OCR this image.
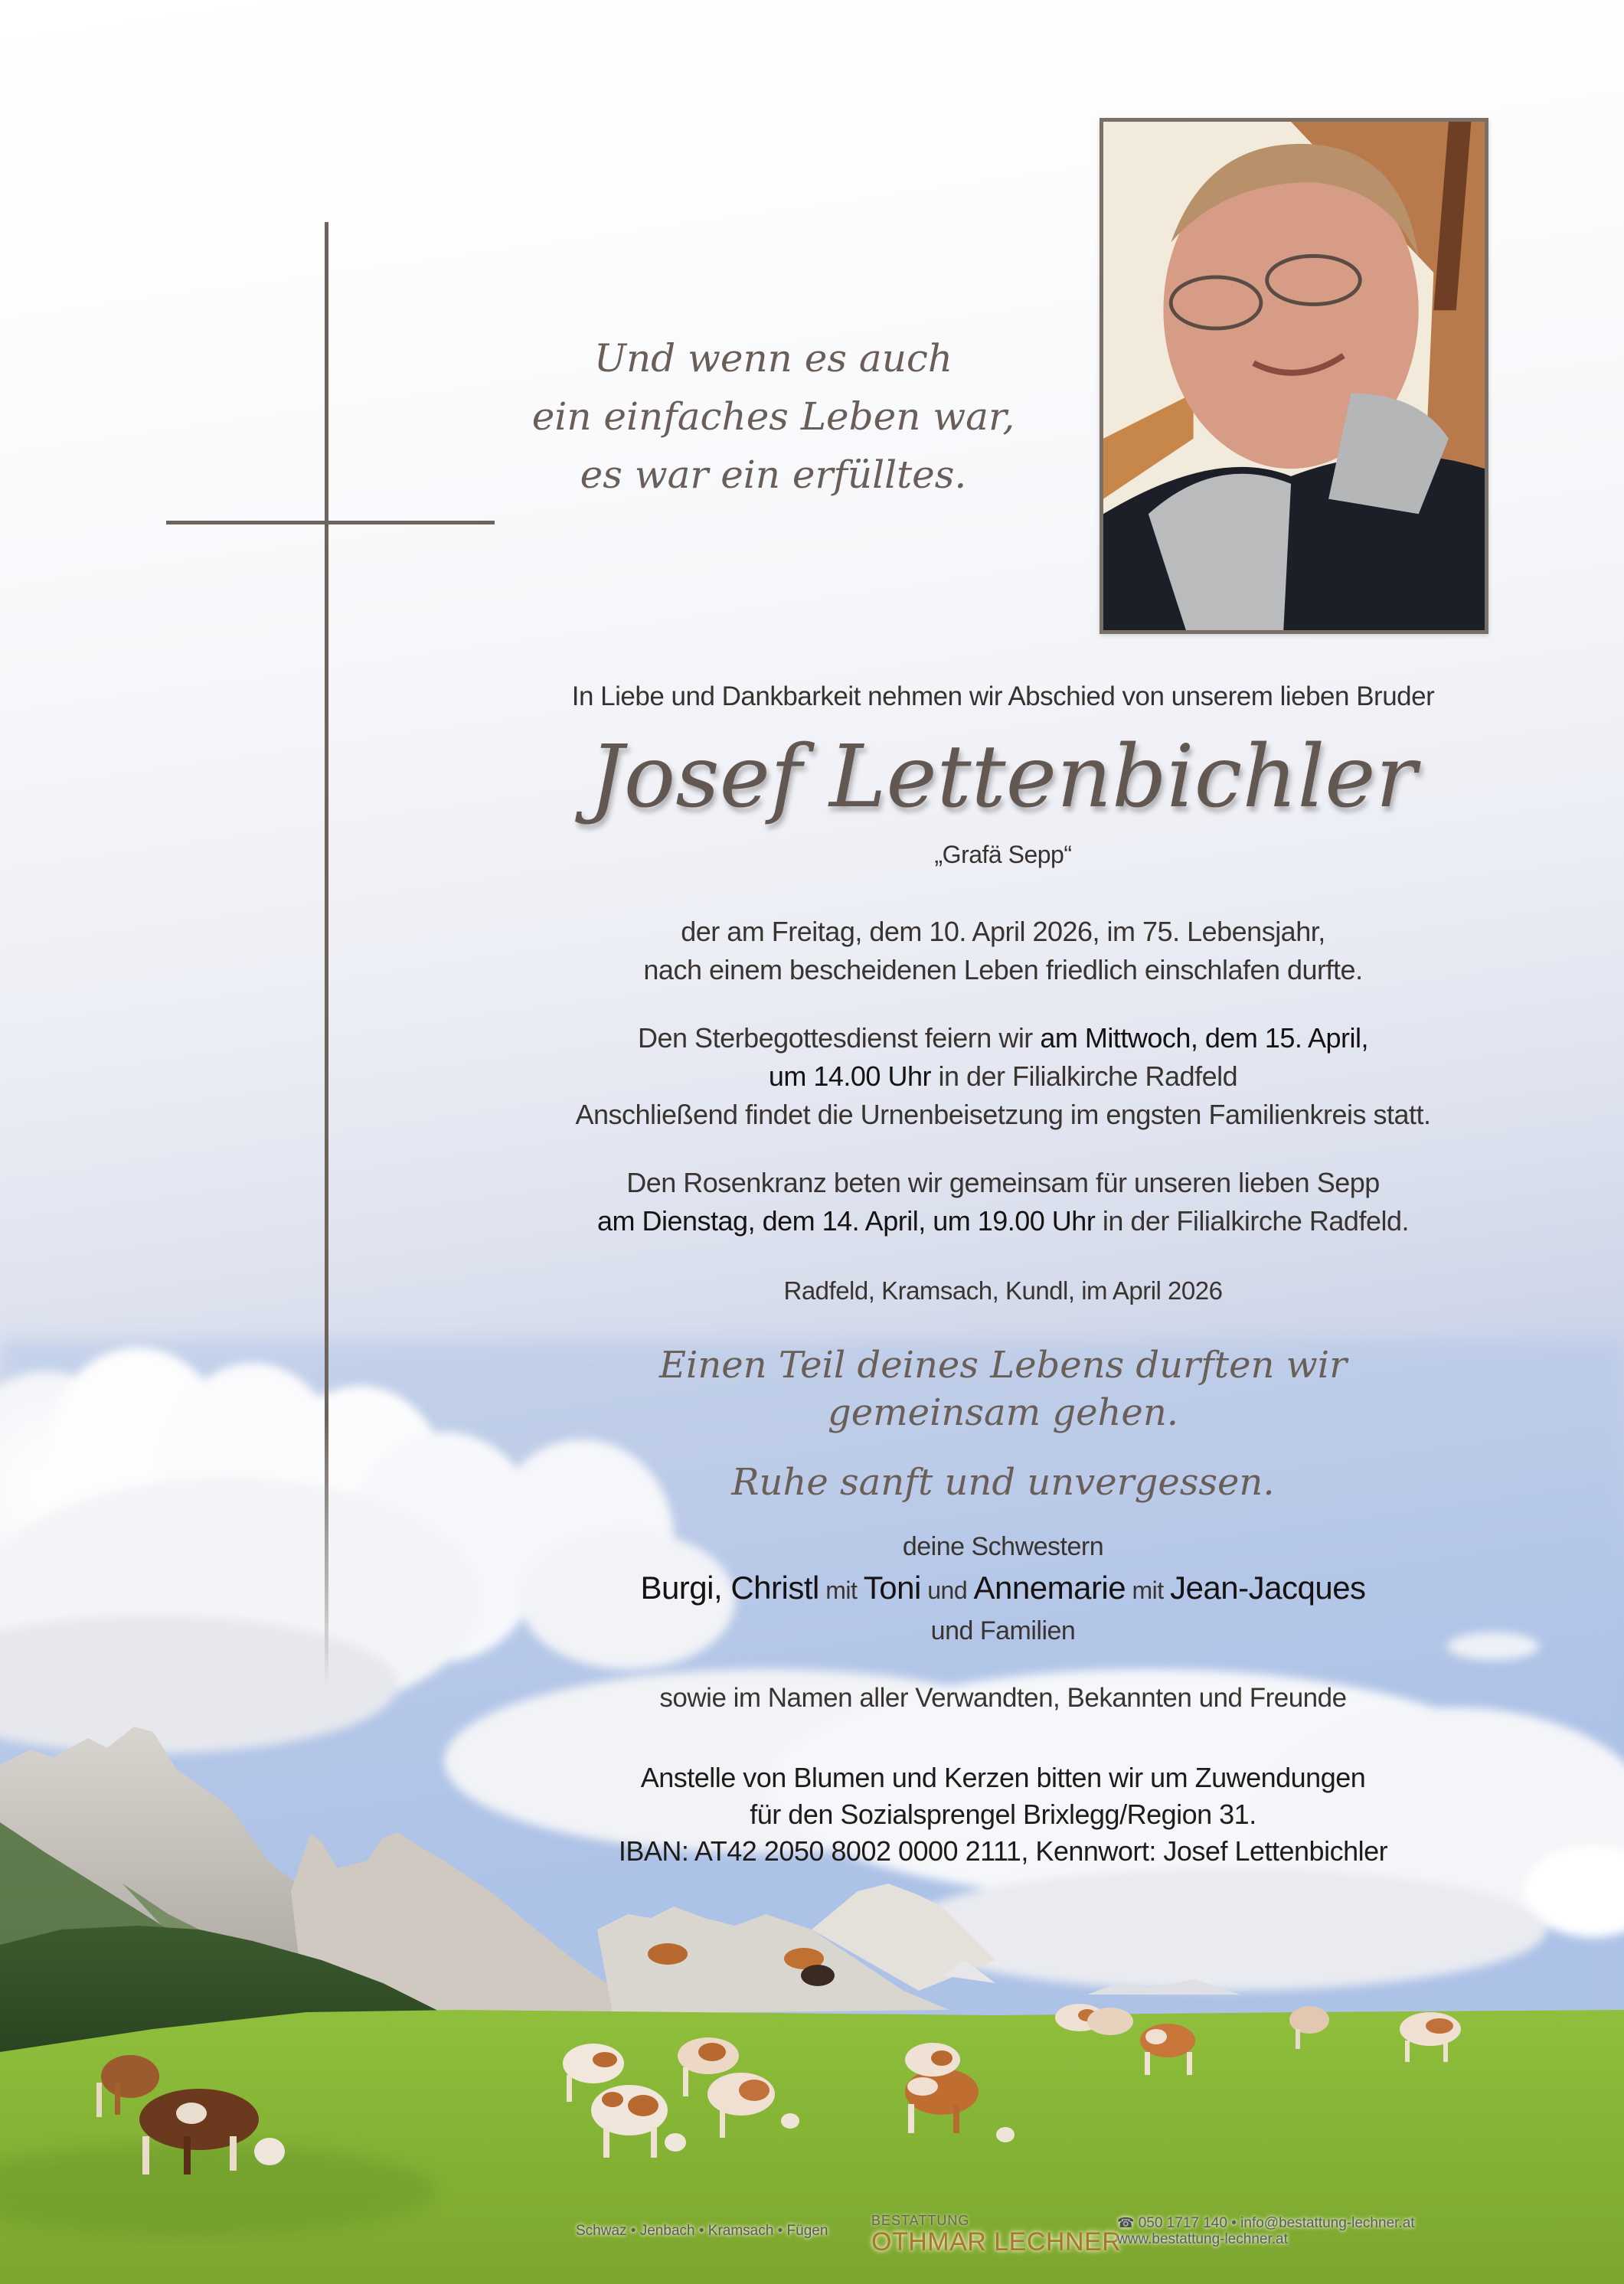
Und wenn es auch
ein einfaches Leben war,
es war ein erfülltes.
In Liebe und Dankbarkeit nehmen wir Abschied von unserem lieben Bruder
Josef Lettenbichler
„Grafä Sepp“
der am Freitag, dem 10. April 2026, im 75. Lebensjahr,
nach einem bescheidenen Leben friedlich einschlafen durfte.
Den Sterbegottesdienst feiern wir am Mittwoch, dem 15. April,
um 14.00 Uhr in der Filialkirche Radfeld
Anschließend findet die Urnenbeisetzung im engsten Familienkreis statt.
Den Rosenkranz beten wir gemeinsam für unseren lieben Sepp
am Dienstag, dem 14. April, um 19.00 Uhr in der Filialkirche Radfeld.
Radfeld, Kramsach, Kundl, im April 2026
Einen Teil deines Lebens durften wir
gemeinsam gehen.
Ruhe sanft und unvergessen.
deine Schwestern
Burgi, Christl mit Toni und Annemarie mit Jean-Jacques
und Familien
sowie im Namen aller Verwandten, Bekannten und Freunde
Anstelle von Blumen und Kerzen bitten wir um Zuwendungen
für den Sozialsprengel Brixlegg/Region 31.
IBAN: AT42 2050 8002 0000 2111, Kennwort: Josef Lettenbichler
Schwaz • Jenbach • Kramsach • Fügen
BESTATTUNG
OTHMAR LECHNER
☎ 050 1717 140 • info@bestattung-lechner.at
www.bestattung-lechner.at
